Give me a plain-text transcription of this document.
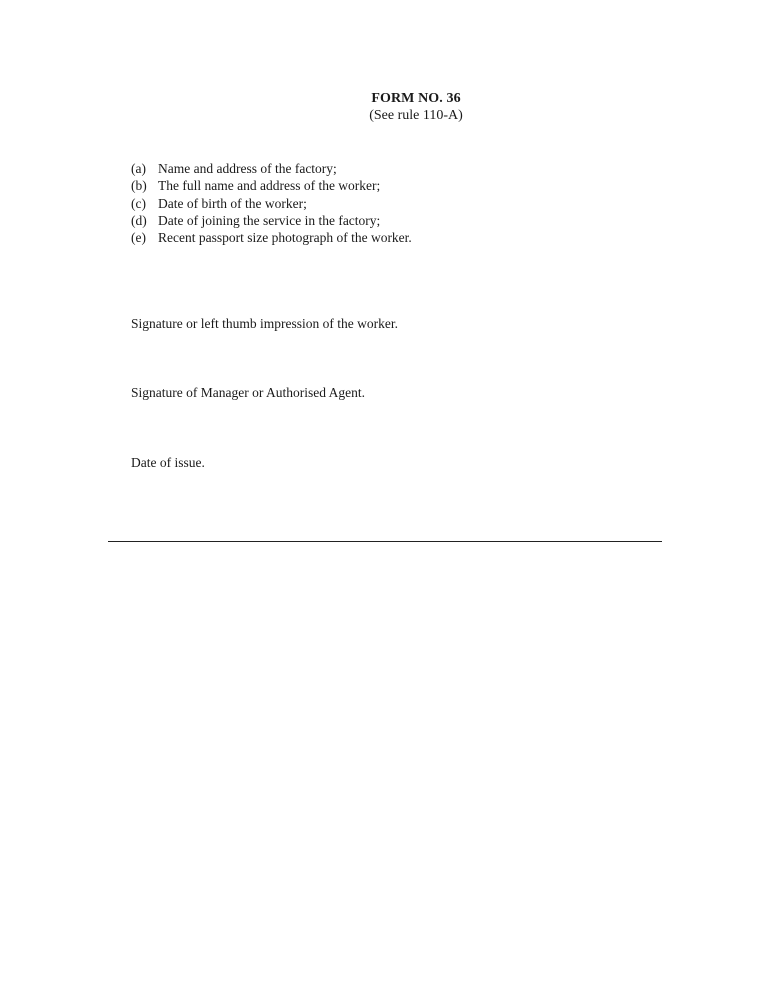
FORM NO. 36
(See rule 110-A)
(a) Name and address of the factory;
(b) The full name and address of the worker;
(c) Date of birth of the worker;
(d) Date of joining the service in the factory;
(e) Recent passport size photograph of the worker.
Signature or left thumb impression of the worker.
Signature of Manager or Authorised Agent.
Date of issue.
